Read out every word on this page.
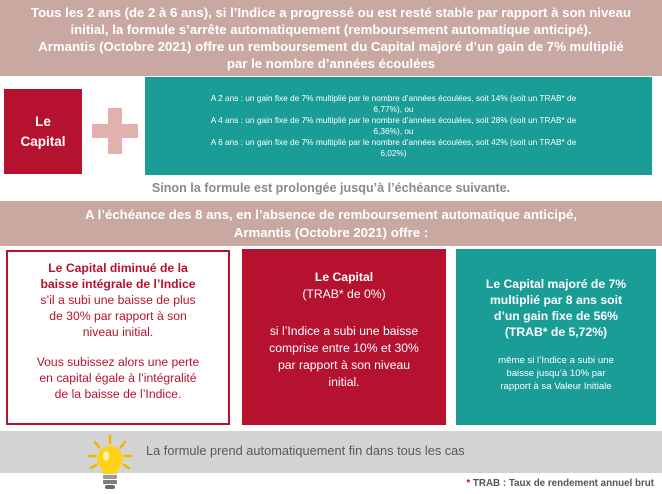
Tous les 2 ans (de 2 à 6 ans), si l’Indice a progressé ou est resté stable par rapport à son niveau
initial, la formule s’arrête automatiquement (remboursement automatique anticipé).
Armantis (Octobre 2021) offre un remboursement du Capital majoré d’un gain de 7% multiplié
par le nombre d’années écoulées
Le
Capital
A 2 ans : un gain fixe de 7% multiplié par le nombre d’années écoulées, soit 14% (soit un TRAB* de
6,77%), ou
A 4 ans : un gain fixe de 7% multiplié par le nombre d’années écoulées, soit 28% (soit un TRAB* de
6,36%), ou
A 6 ans : un gain fixe de 7% multiplié par le nombre d’années écoulées, soit 42% (soit un TRAB* de
6,02%)
Sinon la formule est prolongée jusqu’à l’échéance suivante.
A l’échéance des 8 ans, en l’absence de remboursement automatique anticipé,
Armantis (Octobre 2021) offre :
Le Capital diminué de la
baisse intégrale de l’Indice
s’il a subi une baisse de plus
de 30% par rapport à son
niveau initial.
Vous subissez alors une perte
en capital égale à l’intégralité
de la baisse de l’Indice.
Le Capital
(TRAB* de 0%)
si l’Indice a subi une baisse
comprise entre 10% et 30%
par rapport à son niveau
initial.
Le Capital majoré de 7%
multiplié par 8 ans soit
d’un gain fixe de 56%
(TRAB* de 5,72%)
même si l’Indice a subi une
baisse jusqu’à 10% par
rapport à sa Valeur Initiale
La formule prend automatiquement fin dans tous les cas
* TRAB : Taux de rendement annuel brut
